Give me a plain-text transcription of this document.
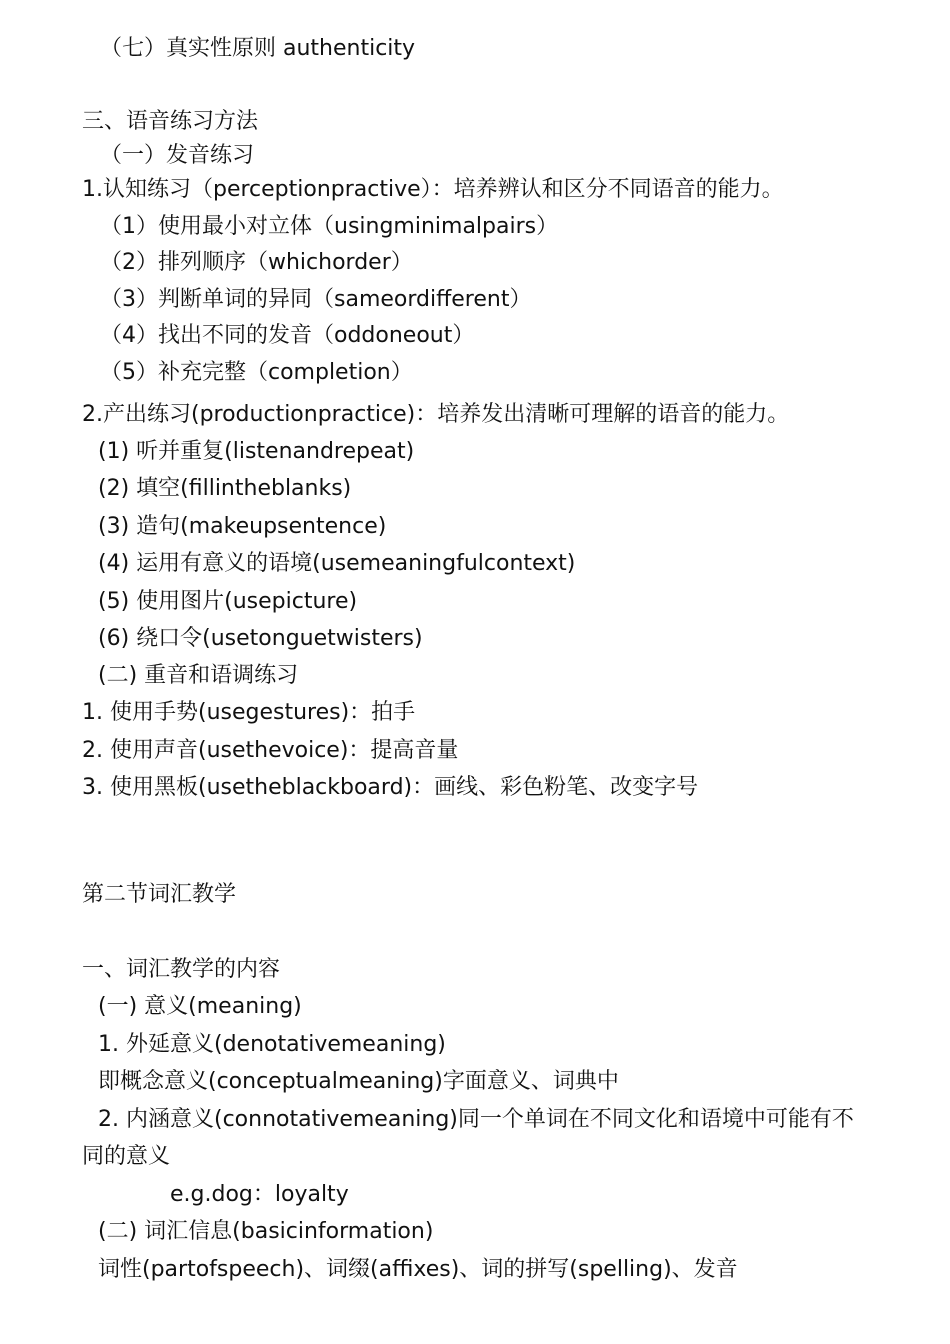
（七）真实性原则 authenticity
三、语音练习方法
（一）发音练习
1.认知练习（perceptionpractive）：培养辨认和区分不同语音的能力。
（1）使用最小对立体（usingminimalpairs）
（2）排列顺序（whichorder）
（3）判断单词的异同（sameordifferent）
（4）找出不同的发音（oddoneout）
（5）补充完整（completion）
2.产出练习(productionpractice)：培养发出清晰可理解的语音的能力。
(1) 听并重复(listenandrepeat)
(2) 填空(fillintheblanks)
(3) 造句(makeupsentence)
(4) 运用有意义的语境(usemeaningfulcontext)
(5) 使用图片(usepicture)
(6) 绕口令(usetonguetwisters)
(二) 重音和语调练习
1. 使用手势(usegestures)：拍手
2. 使用声音(usethevoice)：提高音量
3. 使用黑板(usetheblackboard)：画线、彩色粉笔、改变字号
第二节词汇教学
一、词汇教学的内容
(一) 意义(meaning)
1. 外延意义(denotativemeaning)
即概念意义(conceptualmeaning)字面意义、词典中
2. 内涵意义(connotativemeaning)同一个单词在不同文化和语境中可能有不同的意义
e.g.dog：loyalty
(二) 词汇信息(basicinformation)
词性(partofspeech)、词缀(affixes)、词的拼写(spelling)、发音
